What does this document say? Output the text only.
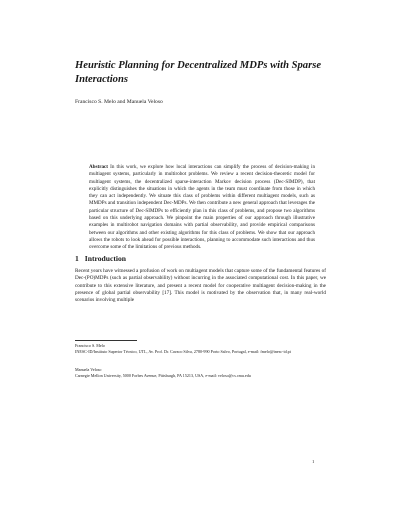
Heuristic Planning for Decentralized MDPs with Sparse Interactions
Francisco S. Melo and Manuela Veloso
Abstract In this work, we explore how local interactions can simplify the process of decision-making in multiagent systems, particularly in multirobot problems. We review a recent decision-theoretic model for multiagent systems, the decentralized sparse-interaction Markov decision process (Dec-SIMDP), that explicitly distinguishes the situations in which the agents in the team must coordinate from those in which they can act independently. We situate this class of problems within different multiagent models, such as MMDPs and transition independent Dec-MDPs. We then contribute a new general approach that leverages the particular structure of Dec-SIMDPs to efficiently plan in this class of problems, and propose two algorithms based on this underlying approach. We pinpoint the main properties of our approach through illustrative examples in multirobot navigation domains with partial observability, and provide empirical comparisons between our algorithms and other existing algorithms for this class of problems. We show that our approach allows the robots to look ahead for possible interactions, planning to accommodate such interactions and thus overcome some of the limitations of previous methods.
1 Introduction
Recent years have witnessed a profusion of work on multiagent models that capture some of the fundamental features of Dec-(PO)MDPs (such as partial observability) without incurring in the associated computational cost. In this paper, we contribute to this extensive literature, and present a recent model for cooperative multiagent decision-making in the presence of global partial observability [17]. This model is motivated by the observation that, in many real-world scenarios involving multiple
Francisco S. Melo
INESC-ID/Instituto Superior Técnico, UTL, Av. Prof. Dr. Cavaco Silva, 2780-990 Porto Salvo, Portugal, e-mail: fmelo@inesc-id.pt
Manuela Veloso
Carnegie Mellon University, 5000 Forbes Avenue, Pittsburgh, PA 15213, USA, e-mail: veloso@cs.cmu.edu
1
